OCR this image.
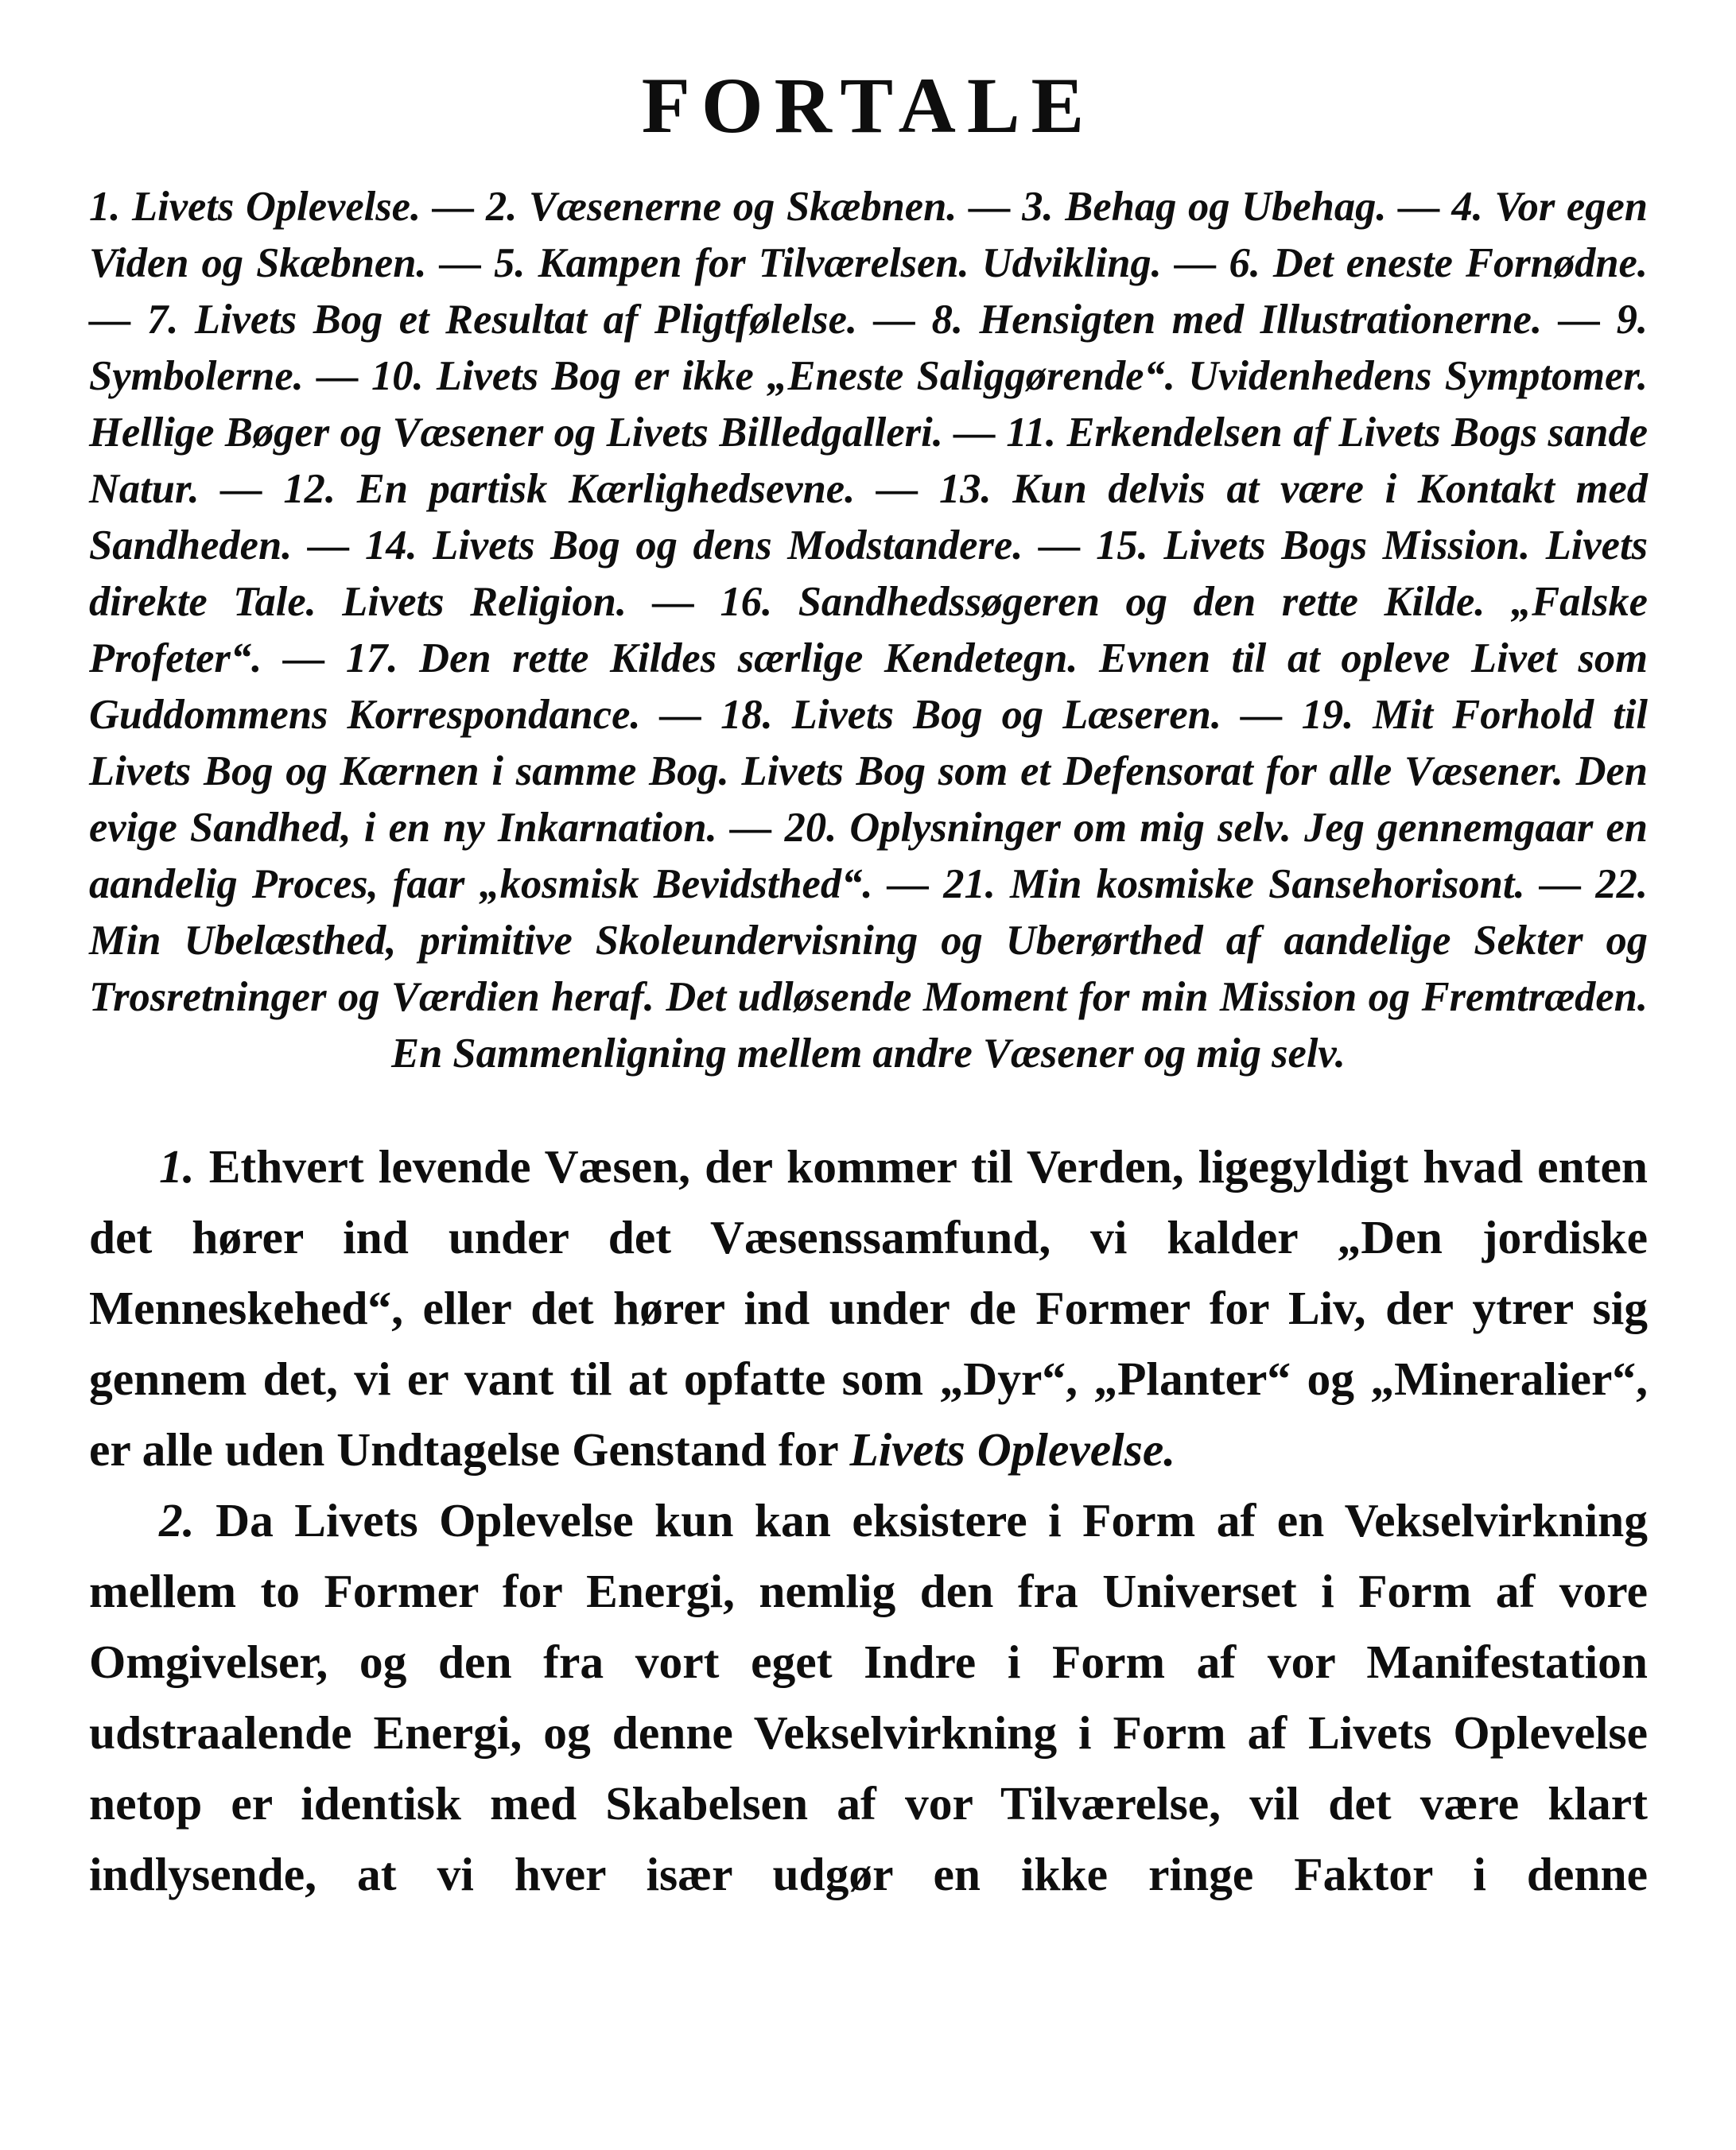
FORTALE

1. Livets Oplevelse. — 2. Væsenerne og Skæbnen. — 3. Behag og Ubehag. — 4. Vor egen Viden og Skæbnen. — 5. Kampen for Tilværelsen. Udvikling. — 6. Det eneste Fornødne. — 7. Livets Bog et Resultat af Pligtfølelse. — 8. Hensigten med Illustrationerne. — 9. Symbolerne. — 10. Livets Bog er ikke „Eneste Saliggørende“. Uvidenhedens Symptomer. Hellige Bøger og Væsener og Livets Billedgalleri. — 11. Erkendelsen af Livets Bogs sande Natur. — 12. En partisk Kærlighedsevne. — 13. Kun delvis at være i Kontakt med Sandheden. — 14. Livets Bog og dens Modstandere. — 15. Livets Bogs Mission. Livets direkte Tale. Livets Religion. — 16. Sandhedssøgeren og den rette Kilde. „Falske Profeter“. — 17. Den rette Kildes særlige Kendetegn. Evnen til at opleve Livet som Guddommens Korrespondance. — 18. Livets Bog og Læseren. — 19. Mit Forhold til Livets Bog og Kærnen i samme Bog. Livets Bog som et Defensorat for alle Væsener. Den evige Sandhed, i en ny Inkarnation. — 20. Oplysninger om mig selv. Jeg gennemgaar en aandelig Proces, faar „kosmisk Bevidsthed“. — 21. Min kosmiske Sansehorisont. — 22. Min Ubelæsthed, primitive Skoleundervisning og Uberørthed af aandelige Sekter og Trosretninger og Værdien heraf. Det udløsende Moment for min Mission og Fremtræden. En Sammenligning mellem andre Væsener og mig selv.

1. Ethvert levende Væsen, der kommer til Verden, ligegyldigt hvad enten det hører ind under det Væsenssamfund, vi kalder „Den jordiske Menneskehed“, eller det hører ind under de Former for Liv, der ytrer sig gennem det, vi er vant til at opfatte som „Dyr“, „Planter“ og „Mineralier“, er alle uden Undtagelse Genstand for Livets Oplevelse.

2. Da Livets Oplevelse kun kan eksistere i Form af en Vekselvirkning mellem to Former for Energi, nemlig den fra Universet i Form af vore Omgivelser, og den fra vort eget Indre i Form af vor Manifestation udstraalende Energi, og denne Vekselvirkning i Form af Livets Oplevelse netop er identisk med Skabelsen af vor Tilværelse, vil det være klart indlysende, at vi hver især udgør en ikke ringe Faktor i denne
